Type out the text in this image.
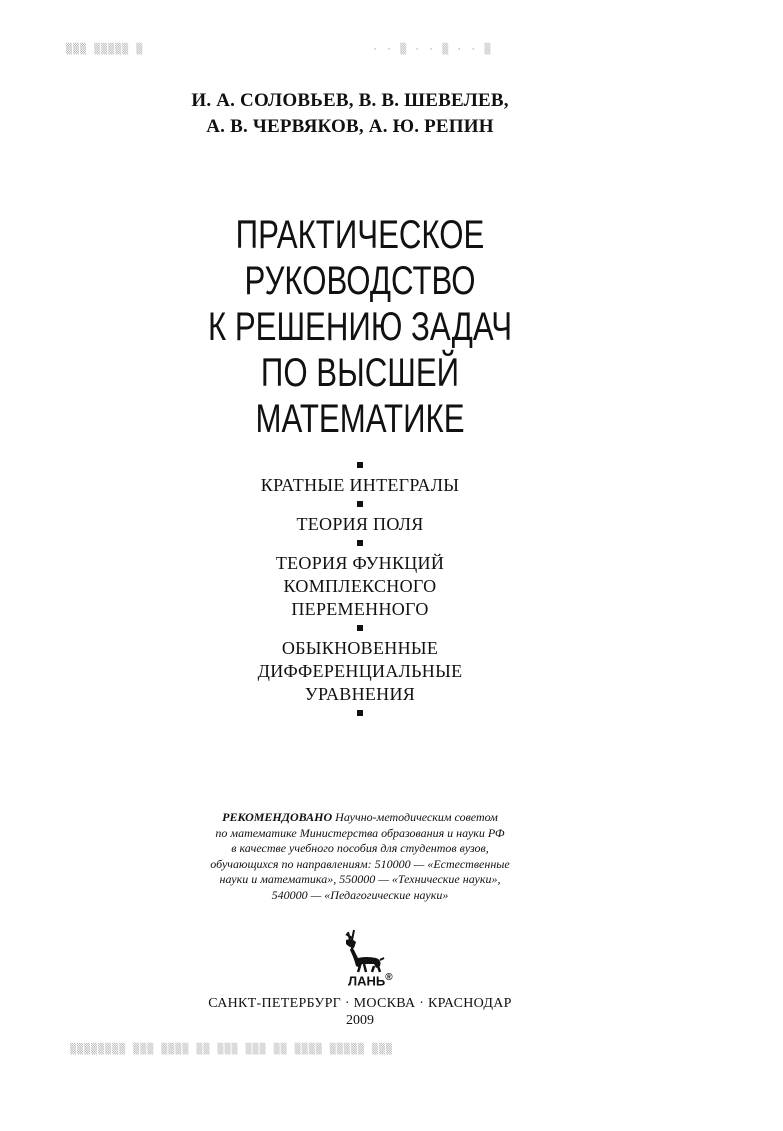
▒▒▒ ▒▒▒▒▒ ▒	· · ▒ · · ▒ · · ▒
▒▒▒▒▒▒▒▒ ▒▒▒ ▒▒▒▒ ▒▒ ▒▒▒ ▒▒▒ ▒▒ ▒▒▒▒ ▒▒▒▒▒ ▒▒▒
И. А. СОЛОВЬЕВ, В. В. ШЕВЕЛЕВ,
А. В. ЧЕРВЯКОВ, А. Ю. РЕПИН
ПРАКТИЧЕСКОЕ
РУКОВОДСТВО
К РЕШЕНИЮ ЗАДАЧ
ПО ВЫСШЕЙ
МАТЕМАТИКЕ
КРАТНЫЕ ИНТЕГРАЛЫ
ТЕОРИЯ ПОЛЯ
ТЕОРИЯ ФУНКЦИЙ
КОМПЛЕКСНОГО
ПЕРЕМЕННОГО
ОБЫКНОВЕННЫЕ
ДИФФЕРЕНЦИАЛЬНЫЕ
УРАВНЕНИЯ
РЕКОМЕНДОВАНО Научно-методическим советом
по математике Министерства образования и науки РФ
в качестве учебного пособия для студентов вузов,
обучающихся по направлениям: 510000 — «Естественные
науки и математика», 550000 — «Технические науки»,
540000 — «Педагогические науки»
ЛАНЬ®
САНКТ-ПЕТЕРБУРГ · МОСКВА · КРАСНОДАР
2009
